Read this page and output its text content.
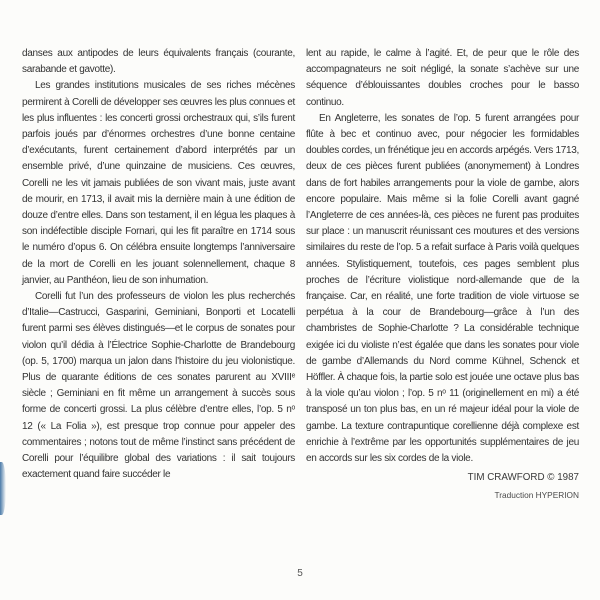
danses aux antipodes de leurs équivalents français (courante, sarabande et gavotte).

Les grandes institutions musicales de ses riches mécènes permirent à Corelli de développer ses œuvres les plus connues et les plus influentes : les concerti grossi orchestraux qui, s’ils furent parfois joués par d’énormes orchestres d’une bonne centaine d’exécutants, furent certainement d’abord interprétés par un ensemble privé, d’une quinzaine de musiciens. Ces œuvres, Corelli ne les vit jamais publiées de son vivant mais, juste avant de mourir, en 1713, il avait mis la dernière main à une édition de douze d’entre elles. Dans son testament, il en légua les plaques à son indéfectible disciple Fornari, qui les fit paraître en 1714 sous le numéro d’opus 6. On célébra ensuite longtemps l’anniversaire de la mort de Corelli en les jouant solennellement, chaque 8 janvier, au Panthéon, lieu de son inhumation.

Corelli fut l’un des professeurs de violon les plus recherchés d’Italie—Castrucci, Gasparini, Geminiani, Bonporti et Locatelli furent parmi ses élèves distingués—et le corpus de sonates pour violon qu’il dédia à l’Électrice Sophie-Charlotte de Brandebourg (op. 5, 1700) marqua un jalon dans l’histoire du jeu violonistique. Plus de quarante éditions de ces sonates parurent au XVIIIᵉ siècle ; Geminiani en fit même un arrangement à succès sous forme de concerti grossi. La plus célèbre d’entre elles, l’op. 5 nᵒ 12 (« La Folia »), est presque trop connue pour appeler des commentaires ; notons tout de même l’instinct sans précédent de Corelli pour l’équilibre global des variations : il sait toujours exactement quand faire succéder le

lent au rapide, le calme à l’agité. Et, de peur que le rôle des accompagnateurs ne soit négligé, la sonate s’achève sur une séquence d’éblouissantes doubles croches pour le basso continuo.

En Angleterre, les sonates de l’op. 5 furent arrangées pour flûte à bec et continuo avec, pour négocier les formidables doubles cordes, un frénétique jeu en accords arpégés. Vers 1713, deux de ces pièces furent publiées (anonymement) à Londres dans de fort habiles arrangements pour la viole de gambe, alors encore populaire. Mais même si la folie Corelli avant gagné l’Angleterre de ces années-là, ces pièces ne furent pas produites sur place : un manuscrit réunissant ces moutures et des versions similaires du reste de l’op. 5 a refait surface à Paris voilà quelques années. Stylistiquement, toutefois, ces pages semblent plus proches de l’écriture violistique nord-allemande que de la française. Car, en réalité, une forte tradition de viole virtuose se perpétua à la cour de Brandebourg—grâce à l’un des chambristes de Sophie-Charlotte ? La considérable technique exigée ici du violiste n’est égalée que dans les sonates pour viole de gambe d’Allemands du Nord comme Kühnel, Schenck et Höffler. À chaque fois, la partie solo est jouée une octave plus bas à la viole qu’au violon ; l’op. 5 nᵒ 11 (originellement en mi) a été transposé un ton plus bas, en un ré majeur idéal pour la viole de gambe. La texture contrapuntique corellienne déjà complexe est enrichie à l’extrême par les opportunités supplémentaires de jeu en accords sur les six cordes de la viole.

TIM CRAWFORD © 1987
Traduction HYPERION
5
